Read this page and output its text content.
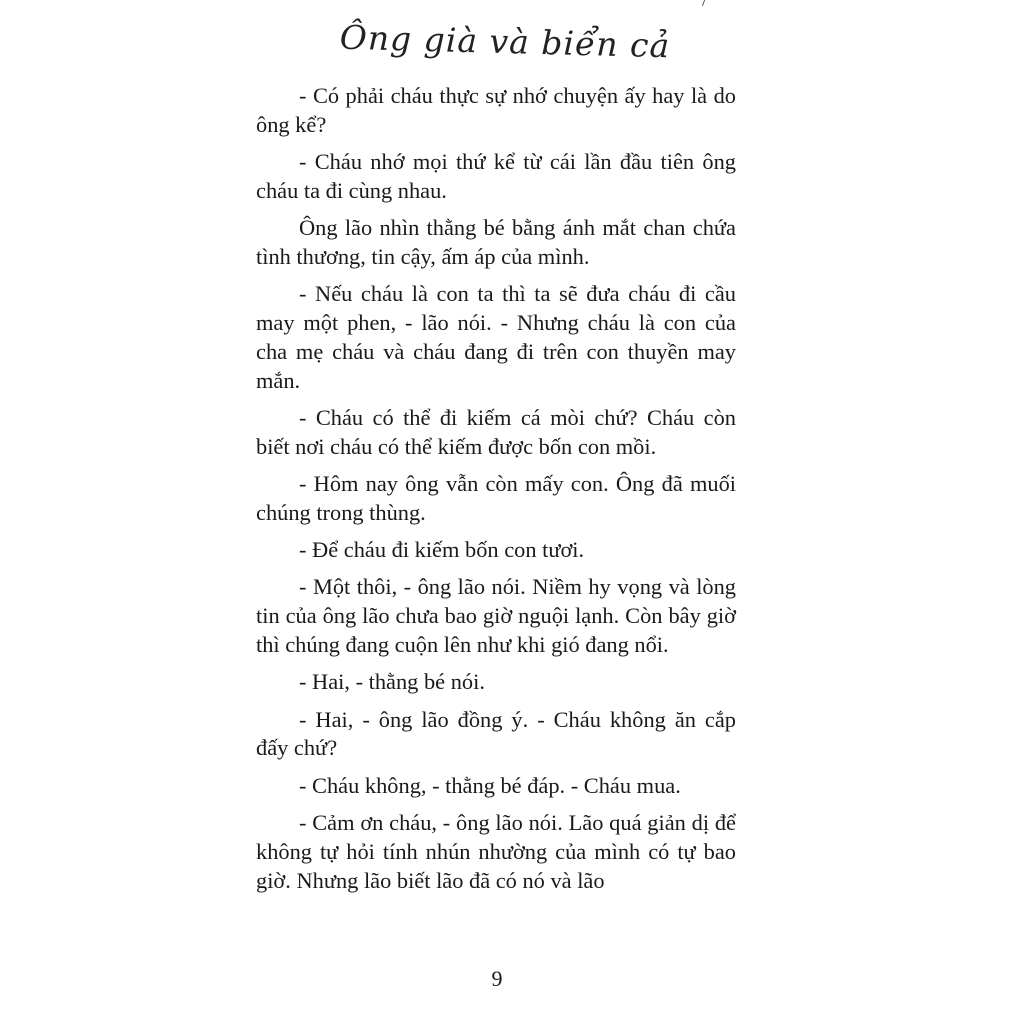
Ông già và biển cả

- Có phải cháu thực sự nhớ chuyện ấy hay là do ông kể?

- Cháu nhớ mọi thứ kể từ cái lần đầu tiên ông cháu ta đi cùng nhau.

Ông lão nhìn thằng bé bằng ánh mắt chan chứa tình thương, tin cậy, ấm áp của mình.

- Nếu cháu là con ta thì ta sẽ đưa cháu đi cầu may một phen, - lão nói. - Nhưng cháu là con của cha mẹ cháu và cháu đang đi trên con thuyền may mắn.

- Cháu có thể đi kiếm cá mòi chứ? Cháu còn biết nơi cháu có thể kiếm được bốn con mồi.

- Hôm nay ông vẫn còn mấy con. Ông đã muối chúng trong thùng.

- Để cháu đi kiếm bốn con tươi.

- Một thôi, - ông lão nói. Niềm hy vọng và lòng tin của ông lão chưa bao giờ nguội lạnh. Còn bây giờ thì chúng đang cuộn lên như khi gió đang nổi.

- Hai, - thằng bé nói.

- Hai, - ông lão đồng ý. - Cháu không ăn cắp đấy chứ?

- Cháu không, - thằng bé đáp. - Cháu mua.

- Cảm ơn cháu, - ông lão nói. Lão quá giản dị để không tự hỏi tính nhún nhường của mình có tự bao giờ. Nhưng lão biết lão đã có nó và lão

9
